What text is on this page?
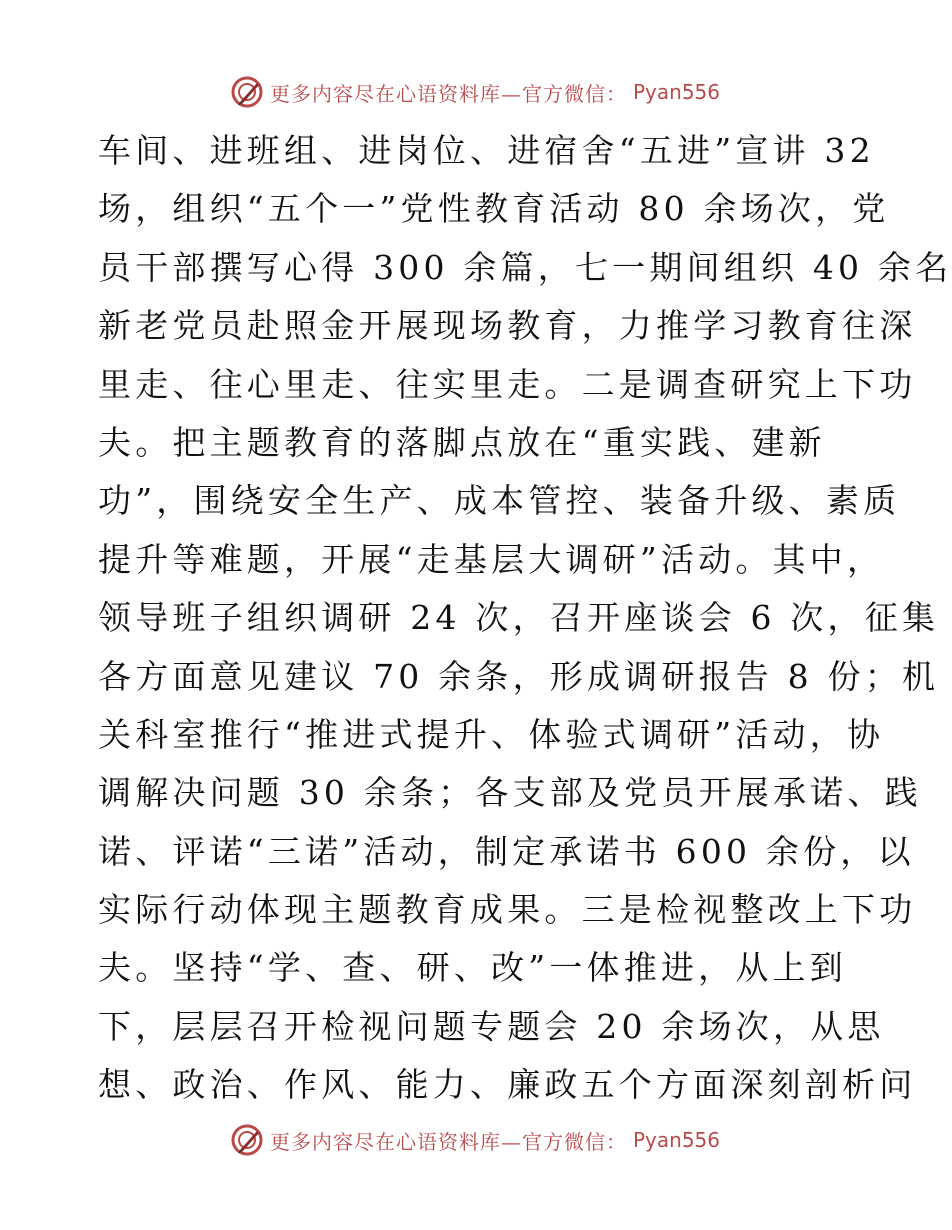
更多内容尽在心语资料库—官方微信： Pyan556
车间、进班组、进岗位、进宿舍“五进”宣讲 32
场，组织“五个一”党性教育活动 80 余场次，党
员干部撰写心得 300 余篇，七一期间组织 40 余名
新老党员赴照金开展现场教育，力推学习教育往深
里走、往心里走、往实里走。二是调查研究上下功
夫。把主题教育的落脚点放在“重实践、建新
功”，围绕安全生产、成本管控、装备升级、素质
提升等难题，开展“走基层大调研”活动。其中，
领导班子组织调研 24 次，召开座谈会 6 次，征集
各方面意见建议 70 余条，形成调研报告 8 份；机
关科室推行“推进式提升、体验式调研”活动，协
调解决问题 30 余条；各支部及党员开展承诺、践
诺、评诺“三诺”活动，制定承诺书 600 余份，以
实际行动体现主题教育成果。三是检视整改上下功
夫。坚持“学、查、研、改”一体推进，从上到
下，层层召开检视问题专题会 20 余场次，从思
想、政治、作风、能力、廉政五个方面深刻剖析问
更多内容尽在心语资料库—官方微信： Pyan556
